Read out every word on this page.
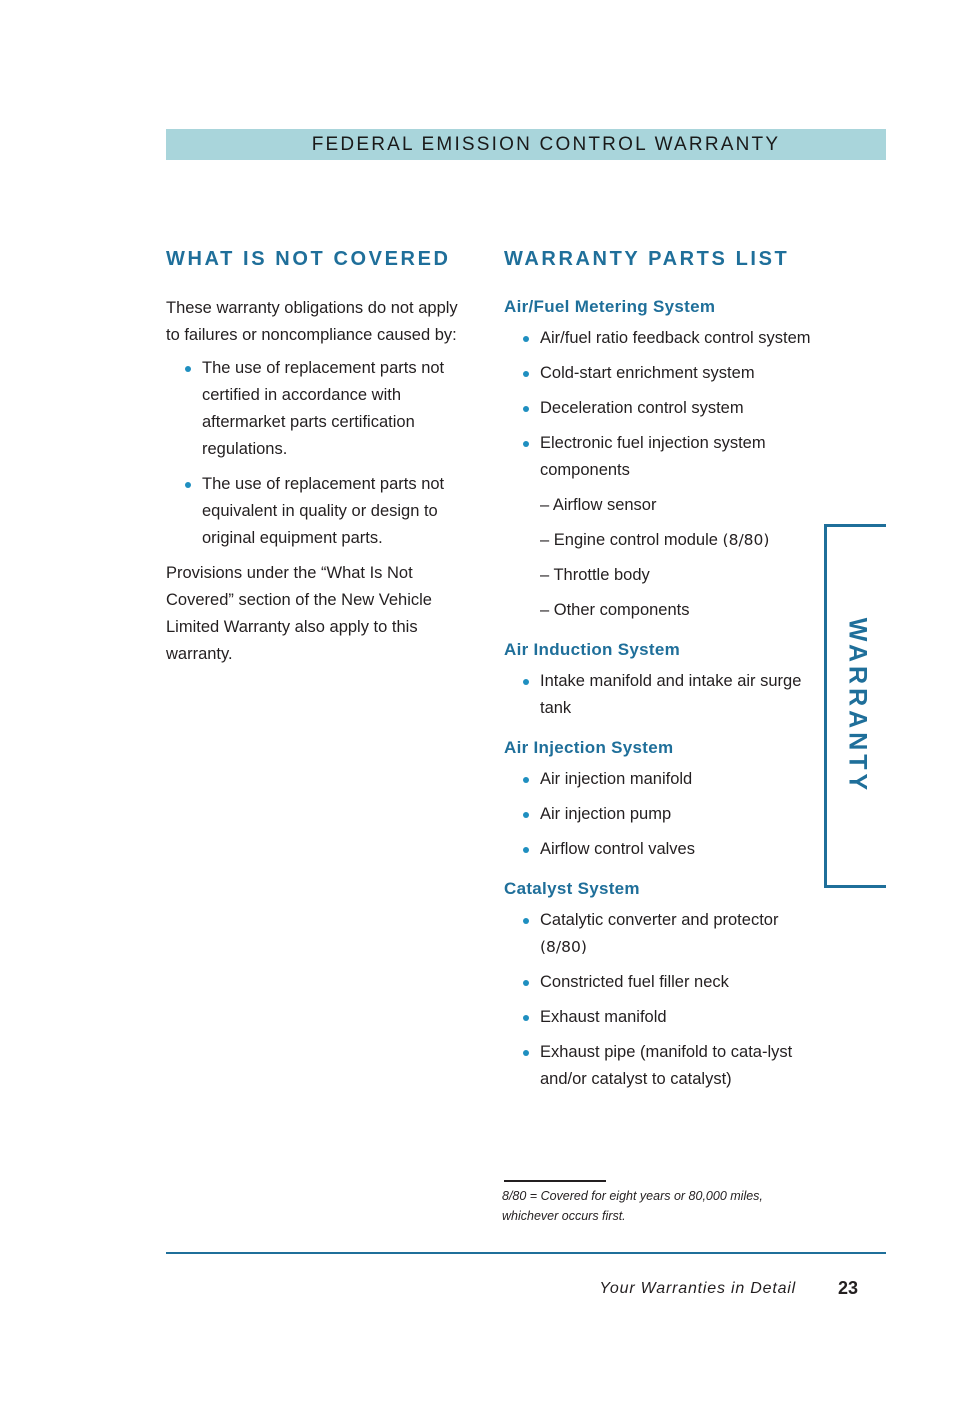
FEDERAL EMISSION CONTROL WARRANTY
WHAT IS NOT COVERED

These warranty obligations do not apply to failures or noncompliance caused by:

The use of replacement parts not certified in accordance with aftermarket parts certification regulations.
The use of replacement parts not equivalent in quality or design to original equipment parts.

Provisions under the “What Is Not Covered” section of the New Vehicle Limited Warranty also apply to this warranty.

WARRANTY PARTS LIST

Air/Fuel Metering System

Air/fuel ratio feedback control system
Cold-start enrichment system
Deceleration control system
Electronic fuel injection system components
– Airflow sensor
– Engine control module (8/80)
– Throttle body
– Other components

Air Induction System

Intake manifold and intake air surge tank

Air Injection System

Air injection manifold
Air injection pump
Airflow control valves

Catalyst System

Catalytic converter and protector (8/80)
Constricted fuel filler neck
Exhaust manifold
Exhaust pipe (manifold to cata-lyst and/or catalyst to catalyst)
8/80 = Covered for eight years or 80,000 miles, whichever occurs first.
WARRANTY
Your Warranties in Detail	23
